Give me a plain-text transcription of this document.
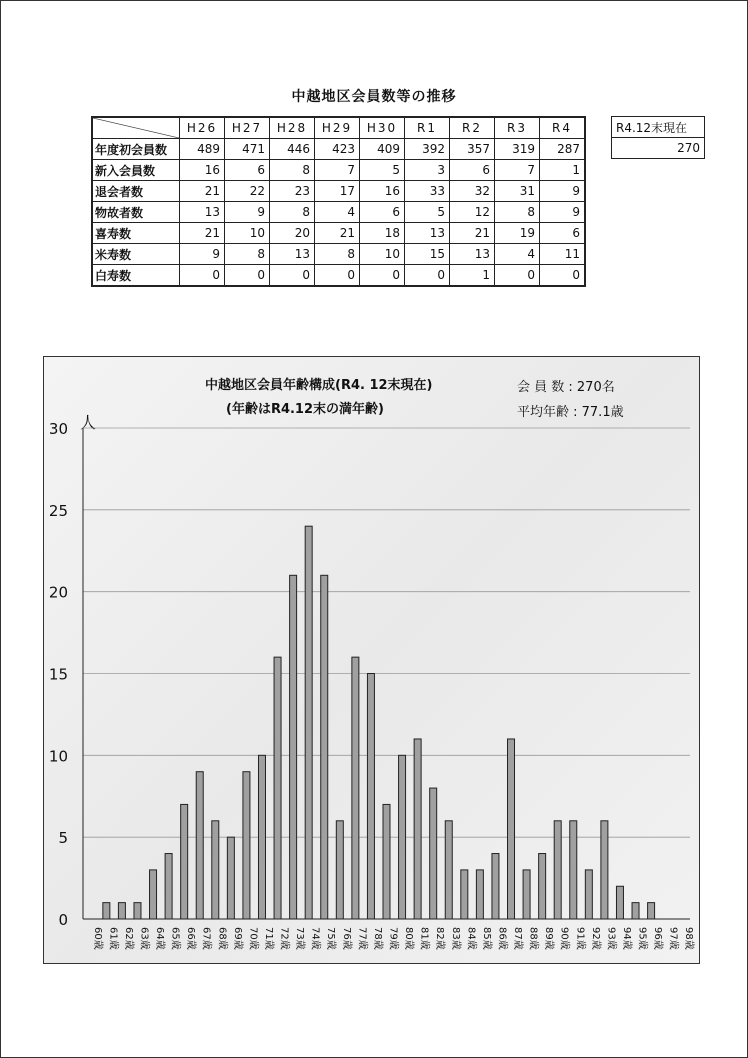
中越地区会員数等の推移
	H26	H27	H28	H29	H30	R1	R2	R3	R4
年度初会員数	489	471	446	423	409	392	357	319	287
新入会員数	16	6	8	7	5	3	6	7	1
退会者数	21	22	23	17	16	33	32	31	9
物故者数	13	9	8	4	6	5	12	8	9
喜寿数	21	10	20	21	18	13	21	19	6
米寿数	9	8	13	8	10	15	13	4	11
白寿数	0	0	0	0	0	0	1	0	0
R4.12末現在
270
中越地区会員年齢構成(R4. 12末現在)
(年齢はR4.12末の満年齢)
会 員 数 : 270名
平均年齢 : 77.1歳
人
0
5
10
15
20
25
30
60歳 61歳 62歳 63歳 64歳 65歳 66歳 67歳 68歳 69歳 70歳 71歳 72歳 73歳 74歳 75歳 76歳 77歳 78歳 79歳 80歳 81歳 82歳 83歳 84歳 85歳 86歳 87歳 88歳 89歳 90歳 91歳 92歳 93歳 94歳 95歳 96歳 97歳 98歳
